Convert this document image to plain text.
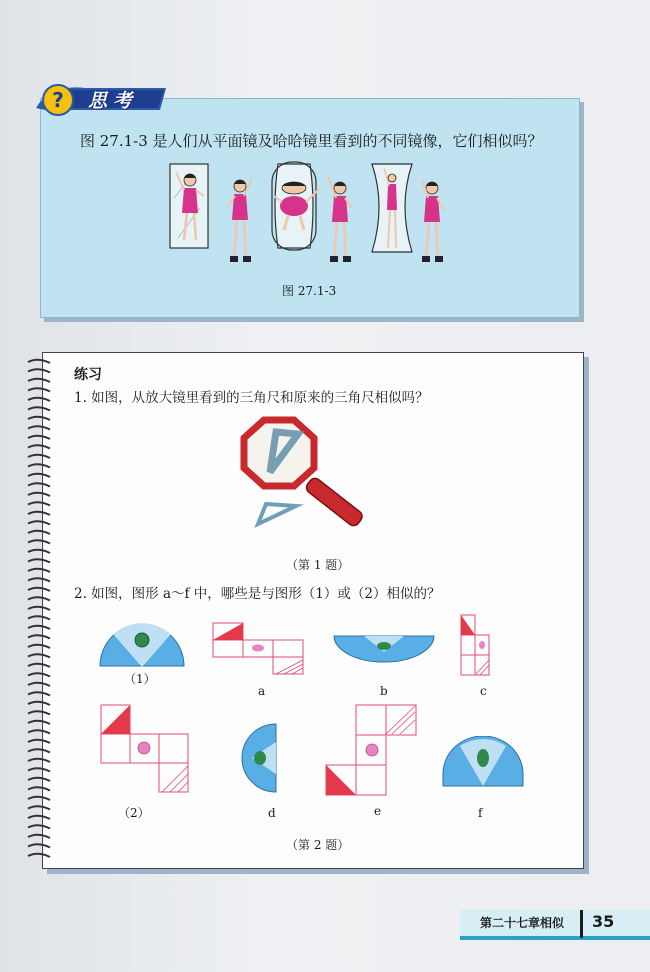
? 思考
图 27.1-3 是人们从平面镜及哈哈镜里看到的不同镜像，它们相似吗？
图 27.1-3
练习
1. 如图，从放大镜里看到的三角尺和原来的三角尺相似吗？
（第 1 题）
2. 如图，图形 a～f 中，哪些是与图形（1）或（2）相似的？
（1）
a	b	c
（2）	d	e	f
（第 2 题）
第二十七章 相似 35
